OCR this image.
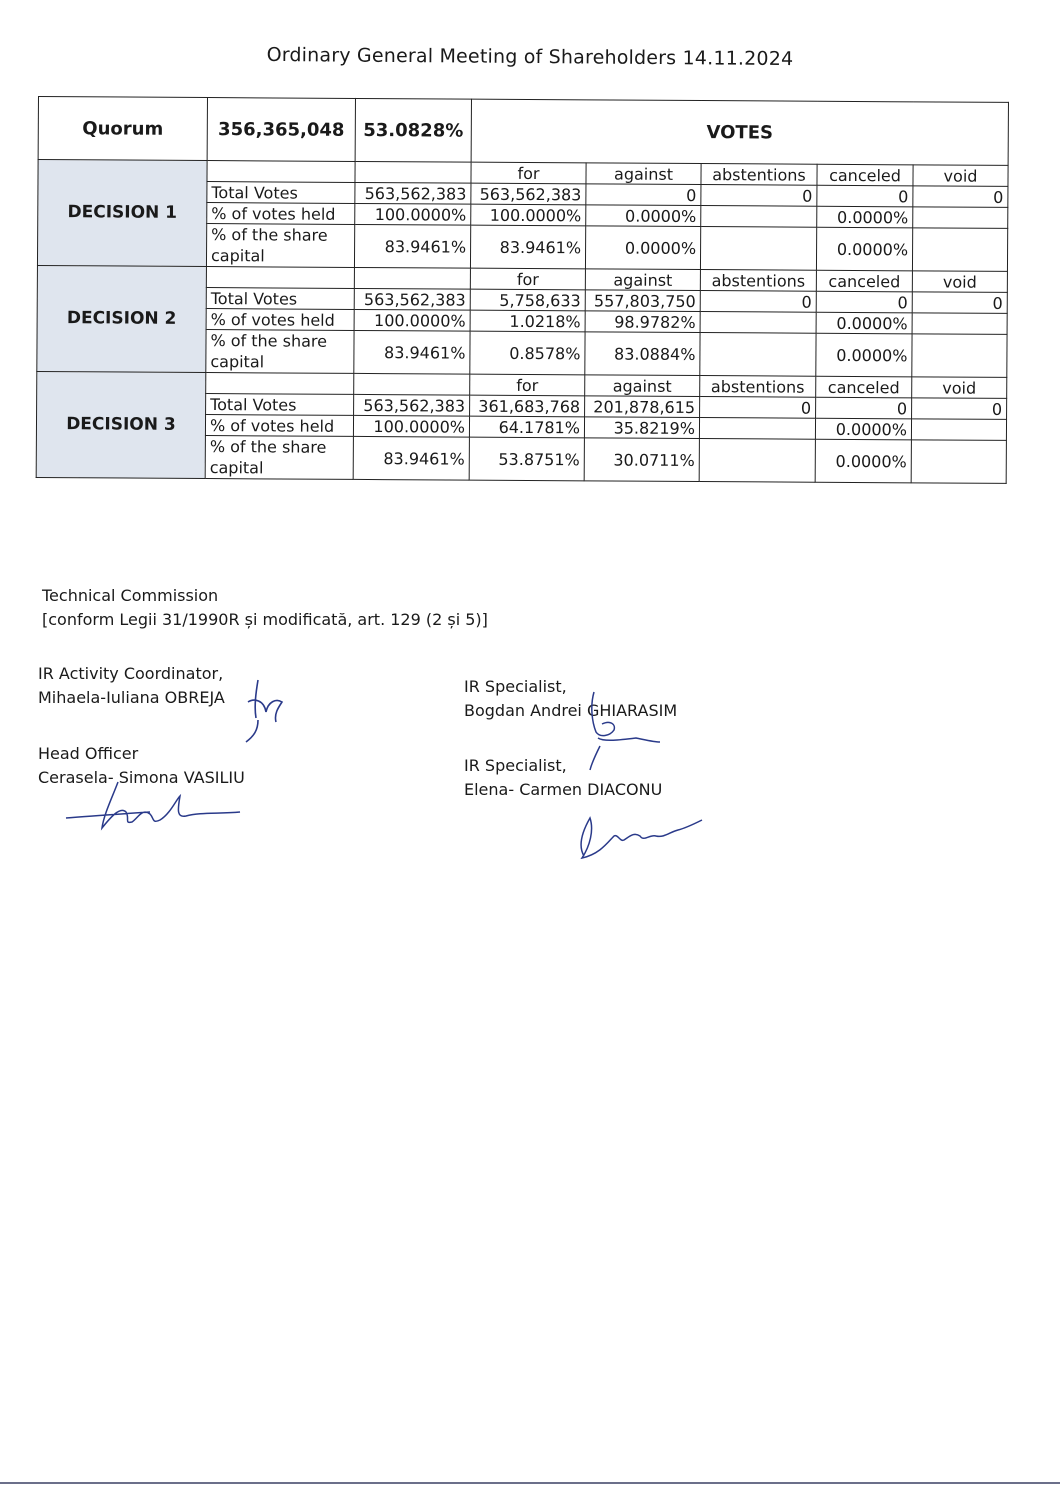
Ordinary General Meeting of Shareholders 14.11.2024
Quorum	356,365,048	53.0828%	VOTES				
DECISION 1			for	against	abstentions	canceled	void
	Total Votes	563,562,383	563,562,383	0	0	0	0
	% of votes held	100.0000%	100.0000%	0.0000%		0.0000%	
	% of the share capital	83.9461%	83.9461%	0.0000%		0.0000%	
DECISION 2			for	against	abstentions	canceled	void
	Total Votes	563,562,383	5,758,633	557,803,750	0	0	0
	% of votes held	100.0000%	1.0218%	98.9782%		0.0000%	
	% of the share capital	83.9461%	0.8578%	83.0884%		0.0000%	
DECISION 3			for	against	abstentions	canceled	void
	Total Votes	563,562,383	361,683,768	201,878,615	0	0	0
	% of votes held	100.0000%	64.1781%	35.8219%		0.0000%	
	% of the share capital	83.9461%	53.8751%	30.0711%		0.0000%	
Technical Commission
[conform Legii 31/1990R și modificată, art. 129 (2 și 5)]
IR Activity Coordinator,
Mihaela-Iuliana OBREJA
Head Officer
Cerasela- Simona VASILIU
IR Specialist,
Bogdan Andrei GHIARASIM
IR Specialist,
Elena- Carmen DIACONU
